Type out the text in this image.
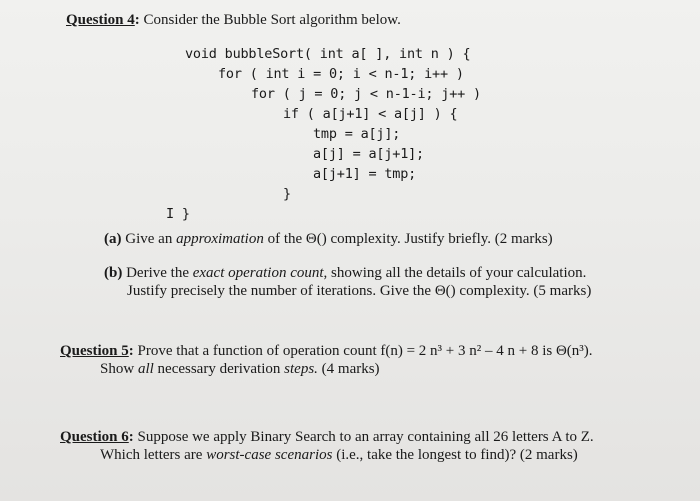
Question 4: Consider the Bubble Sort algorithm below.
void bubbleSort( int a[ ], int n ) {
for ( int i = 0; i < n-1; i++ )
for ( j = 0; j < n-1-i; j++ )
if ( a[j+1] < a[j] ) {
tmp = a[j];
a[j] = a[j+1];
a[j+1] = tmp;
}
I }
(a) Give an approximation of the Θ() complexity. Justify briefly. (2 marks)
(b) Derive the exact operation count, showing all the details of your calculation.
Justify precisely the number of iterations. Give the Θ() complexity. (5 marks)
Question 5: Prove that a function of operation count f(n) = 2 n³ + 3 n² – 4 n + 8 is Θ(n³).
Show all necessary derivation steps. (4 marks)
Question 6: Suppose we apply Binary Search to an array containing all 26 letters A to Z.
Which letters are worst-case scenarios (i.e., take the longest to find)? (2 marks)
